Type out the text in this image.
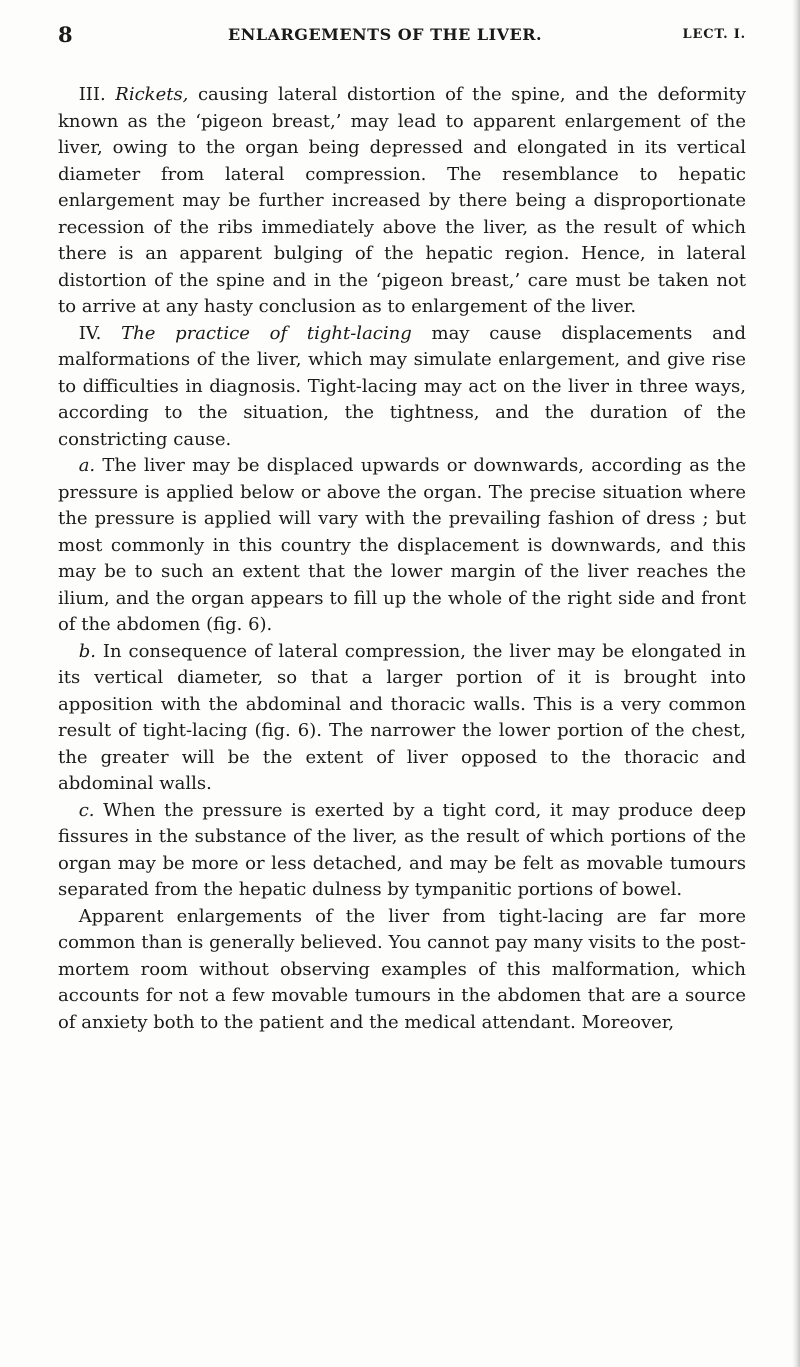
8	ENLARGEMENTS OF THE LIVER.	LECT. I.

III. Rickets, causing lateral distortion of the spine, and the deformity known as the ‘pigeon breast,’ may lead to apparent enlargement of the liver, owing to the organ being depressed and elongated in its vertical diameter from lateral compression. The resemblance to hepatic enlargement may be further increased by there being a disproportionate recession of the ribs immediately above the liver, as the result of which there is an apparent bulging of the hepatic region. Hence, in lateral distortion of the spine and in the ‘pigeon breast,’ care must be taken not to arrive at any hasty conclusion as to enlargement of the liver.

IV. The practice of tight-lacing may cause displacements and malformations of the liver, which may simulate enlargement, and give rise to difficulties in diagnosis. Tight-lacing may act on the liver in three ways, according to the situation, the tightness, and the duration of the constricting cause.

a. The liver may be displaced upwards or downwards, according as the pressure is applied below or above the organ. The precise situation where the pressure is applied will vary with the prevailing fashion of dress ; but most commonly in this country the displacement is downwards, and this may be to such an extent that the lower margin of the liver reaches the ilium, and the organ appears to fill up the whole of the right side and front of the abdomen (fig. 6).

b. In consequence of lateral compression, the liver may be elongated in its vertical diameter, so that a larger portion of it is brought into apposition with the abdominal and thoracic walls. This is a very common result of tight-lacing (fig. 6). The narrower the lower portion of the chest, the greater will be the extent of liver opposed to the thoracic and abdominal walls.

c. When the pressure is exerted by a tight cord, it may produce deep fissures in the substance of the liver, as the result of which portions of the organ may be more or less detached, and may be felt as movable tumours separated from the hepatic dulness by tympanitic portions of bowel.

Apparent enlargements of the liver from tight-lacing are far more common than is generally believed. You cannot pay many visits to the post-mortem room without observing examples of this malformation, which accounts for not a few movable tumours in the abdomen that are a source of anxiety both to the patient and the medical attendant. Moreover,
